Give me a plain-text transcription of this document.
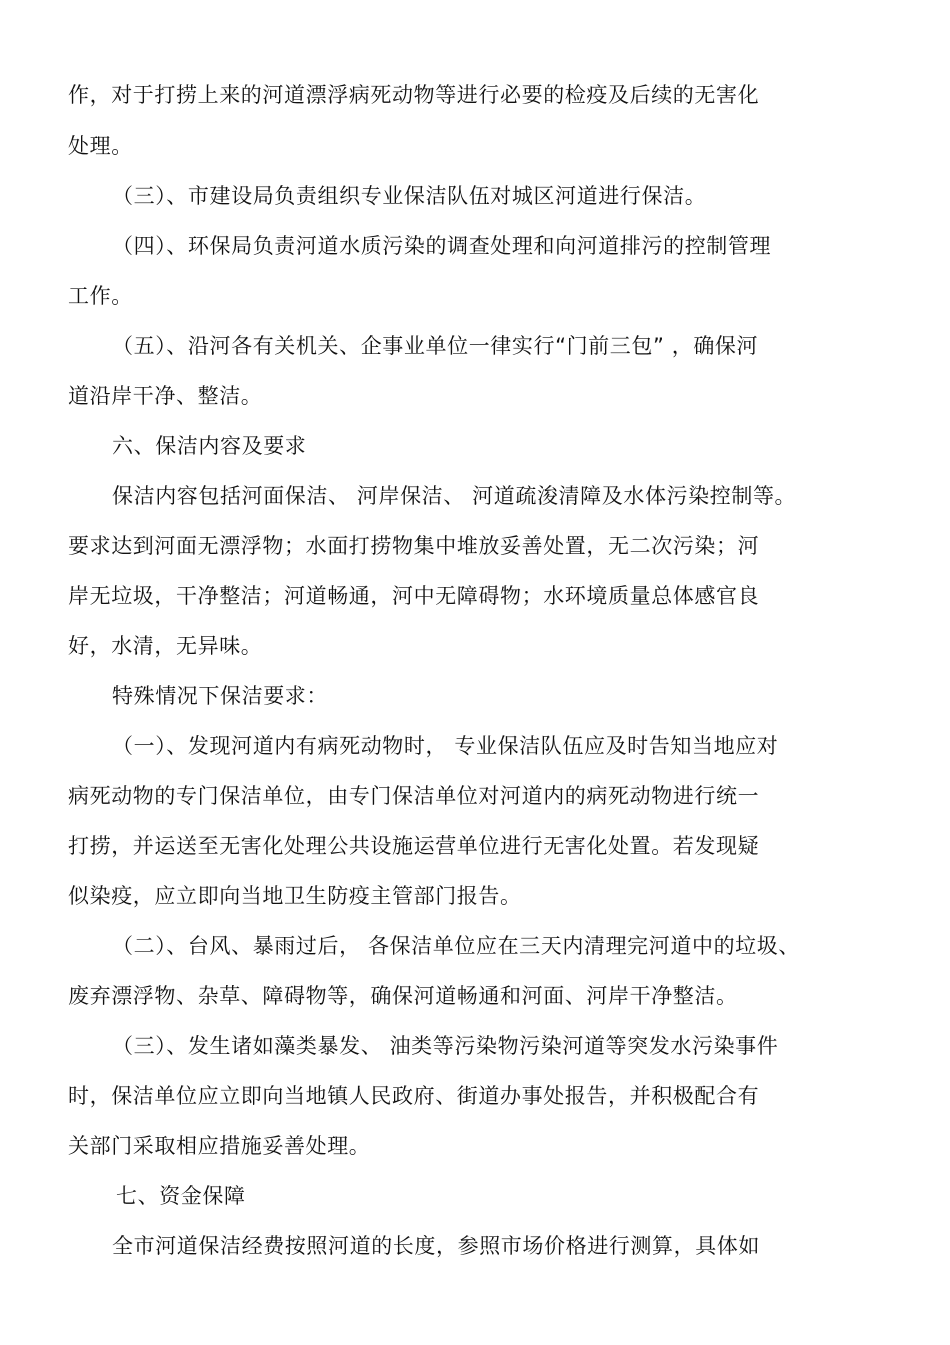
作，对于打捞上来的河道漂浮病死动物等进行必要的检疫及后续的无害化
处理。
（三）、市建设局负责组织专业保洁队伍对城区河道进行保洁。
（四）、环保局负责河道水质污染的调查处理和向河道排污的控制管理
工作。
（五）、沿河各有关机关、企事业单位一律实行“门前三包” ，确保河
道沿岸干净、整洁。
六、保洁内容及要求
保洁内容包括河面保洁、 河岸保洁、 河道疏浚清障及水体污染控制等。
要求达到河面无漂浮物；水面打捞物集中堆放妥善处置，无二次污染；河
岸无垃圾，干净整洁；河道畅通，河中无障碍物；水环境质量总体感官良
好，水清，无异味。
特殊情况下保洁要求：
（一）、发现河道内有病死动物时， 专业保洁队伍应及时告知当地应对
病死动物的专门保洁单位，由专门保洁单位对河道内的病死动物进行统一
打捞，并运送至无害化处理公共设施运营单位进行无害化处置。若发现疑
似染疫，应立即向当地卫生防疫主管部门报告。
（二）、台风、暴雨过后， 各保洁单位应在三天内清理完河道中的垃圾、
废弃漂浮物、杂草、障碍物等，确保河道畅通和河面、河岸干净整洁。
（三）、发生诸如藻类暴发、 油类等污染物污染河道等突发水污染事件
时，保洁单位应立即向当地镇人民政府、街道办事处报告，并积极配合有
关部门采取相应措施妥善处理。
七、资金保障
全市河道保洁经费按照河道的长度，参照市场价格进行测算，具体如
